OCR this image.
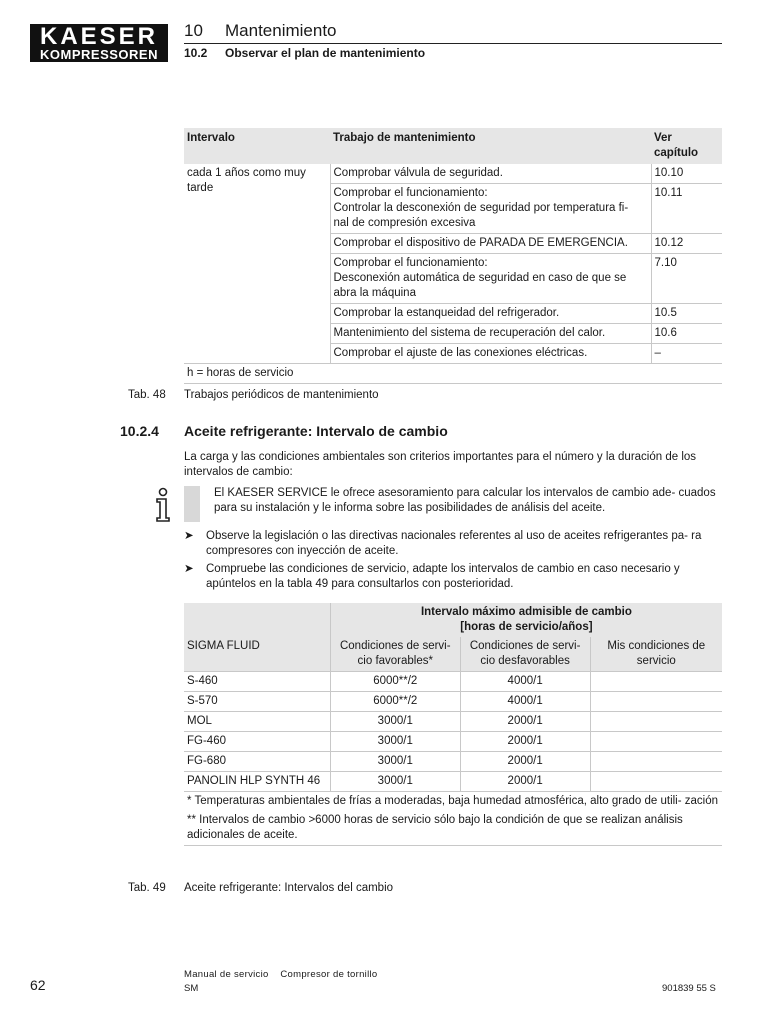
KAESER
KOMPRESSOREN
10 Mantenimiento
10.2 Observar el plan de mantenimiento
Intervalo	Trabajo de mantenimiento	Ver capítulo
cada 1 años como muy tarde	Comprobar válvula de seguridad.	10.10
	Comprobar el funcionamiento:
Controlar la desconexión de seguridad por temperatura fi-
nal de compresión excesiva	10.11
	Comprobar el dispositivo de PARADA DE EMERGENCIA.	10.12
	Comprobar el funcionamiento:
Desconexión automática de seguridad en caso de que se
abra la máquina	7.10
	Comprobar la estanqueidad del refrigerador.	10.5
	Mantenimiento del sistema de recuperación del calor.	10.6
	Comprobar el ajuste de las conexiones eléctricas.	–
h = horas de servicio		
Tab. 48 Trabajos periódicos de mantenimiento
10.2.4 Aceite refrigerante: Intervalo de cambio
La carga y las condiciones ambientales son criterios importantes para el número y la duración de los intervalos de cambio:
El KAESER SERVICE le ofrece asesoramiento para calcular los intervalos de cambio ade- cuados para su instalación y le informa sobre las posibilidades de análisis del aceite.
➤ Observe la legislación o las directivas nacionales referentes al uso de aceites refrigerantes pa- ra compresores con inyección de aceite.
➤ Compruebe las condiciones de servicio, adapte los intervalos de cambio en caso necesario y apúntelos en la tabla 49 para consultarlos con posterioridad.
	Intervalo máximo admisible de cambio
[horas de servicio/años]		
SIGMA FLUID	Condiciones de servi- cio favorables*	Condiciones de servi- cio desfavorables	Mis condiciones de servicio
S-460	6000**/2	4000/1	
S-570	6000**/2	4000/1	
MOL	3000/1	2000/1	
FG-460	3000/1	2000/1	
FG-680	3000/1	2000/1	
PANOLIN HLP SYNTH 46	3000/1	2000/1	
* Temperaturas ambientales de frías a moderadas, baja humedad atmosférica, alto grado de utili- zación			
** Intervalos de cambio >6000 horas de servicio sólo bajo la condición de que se realizan análisis adicionales de aceite.			
Tab. 49 Aceite refrigerante: Intervalos del cambio
62
Manual de servicio    Compresor de tornillo
SM	901839 55 S
